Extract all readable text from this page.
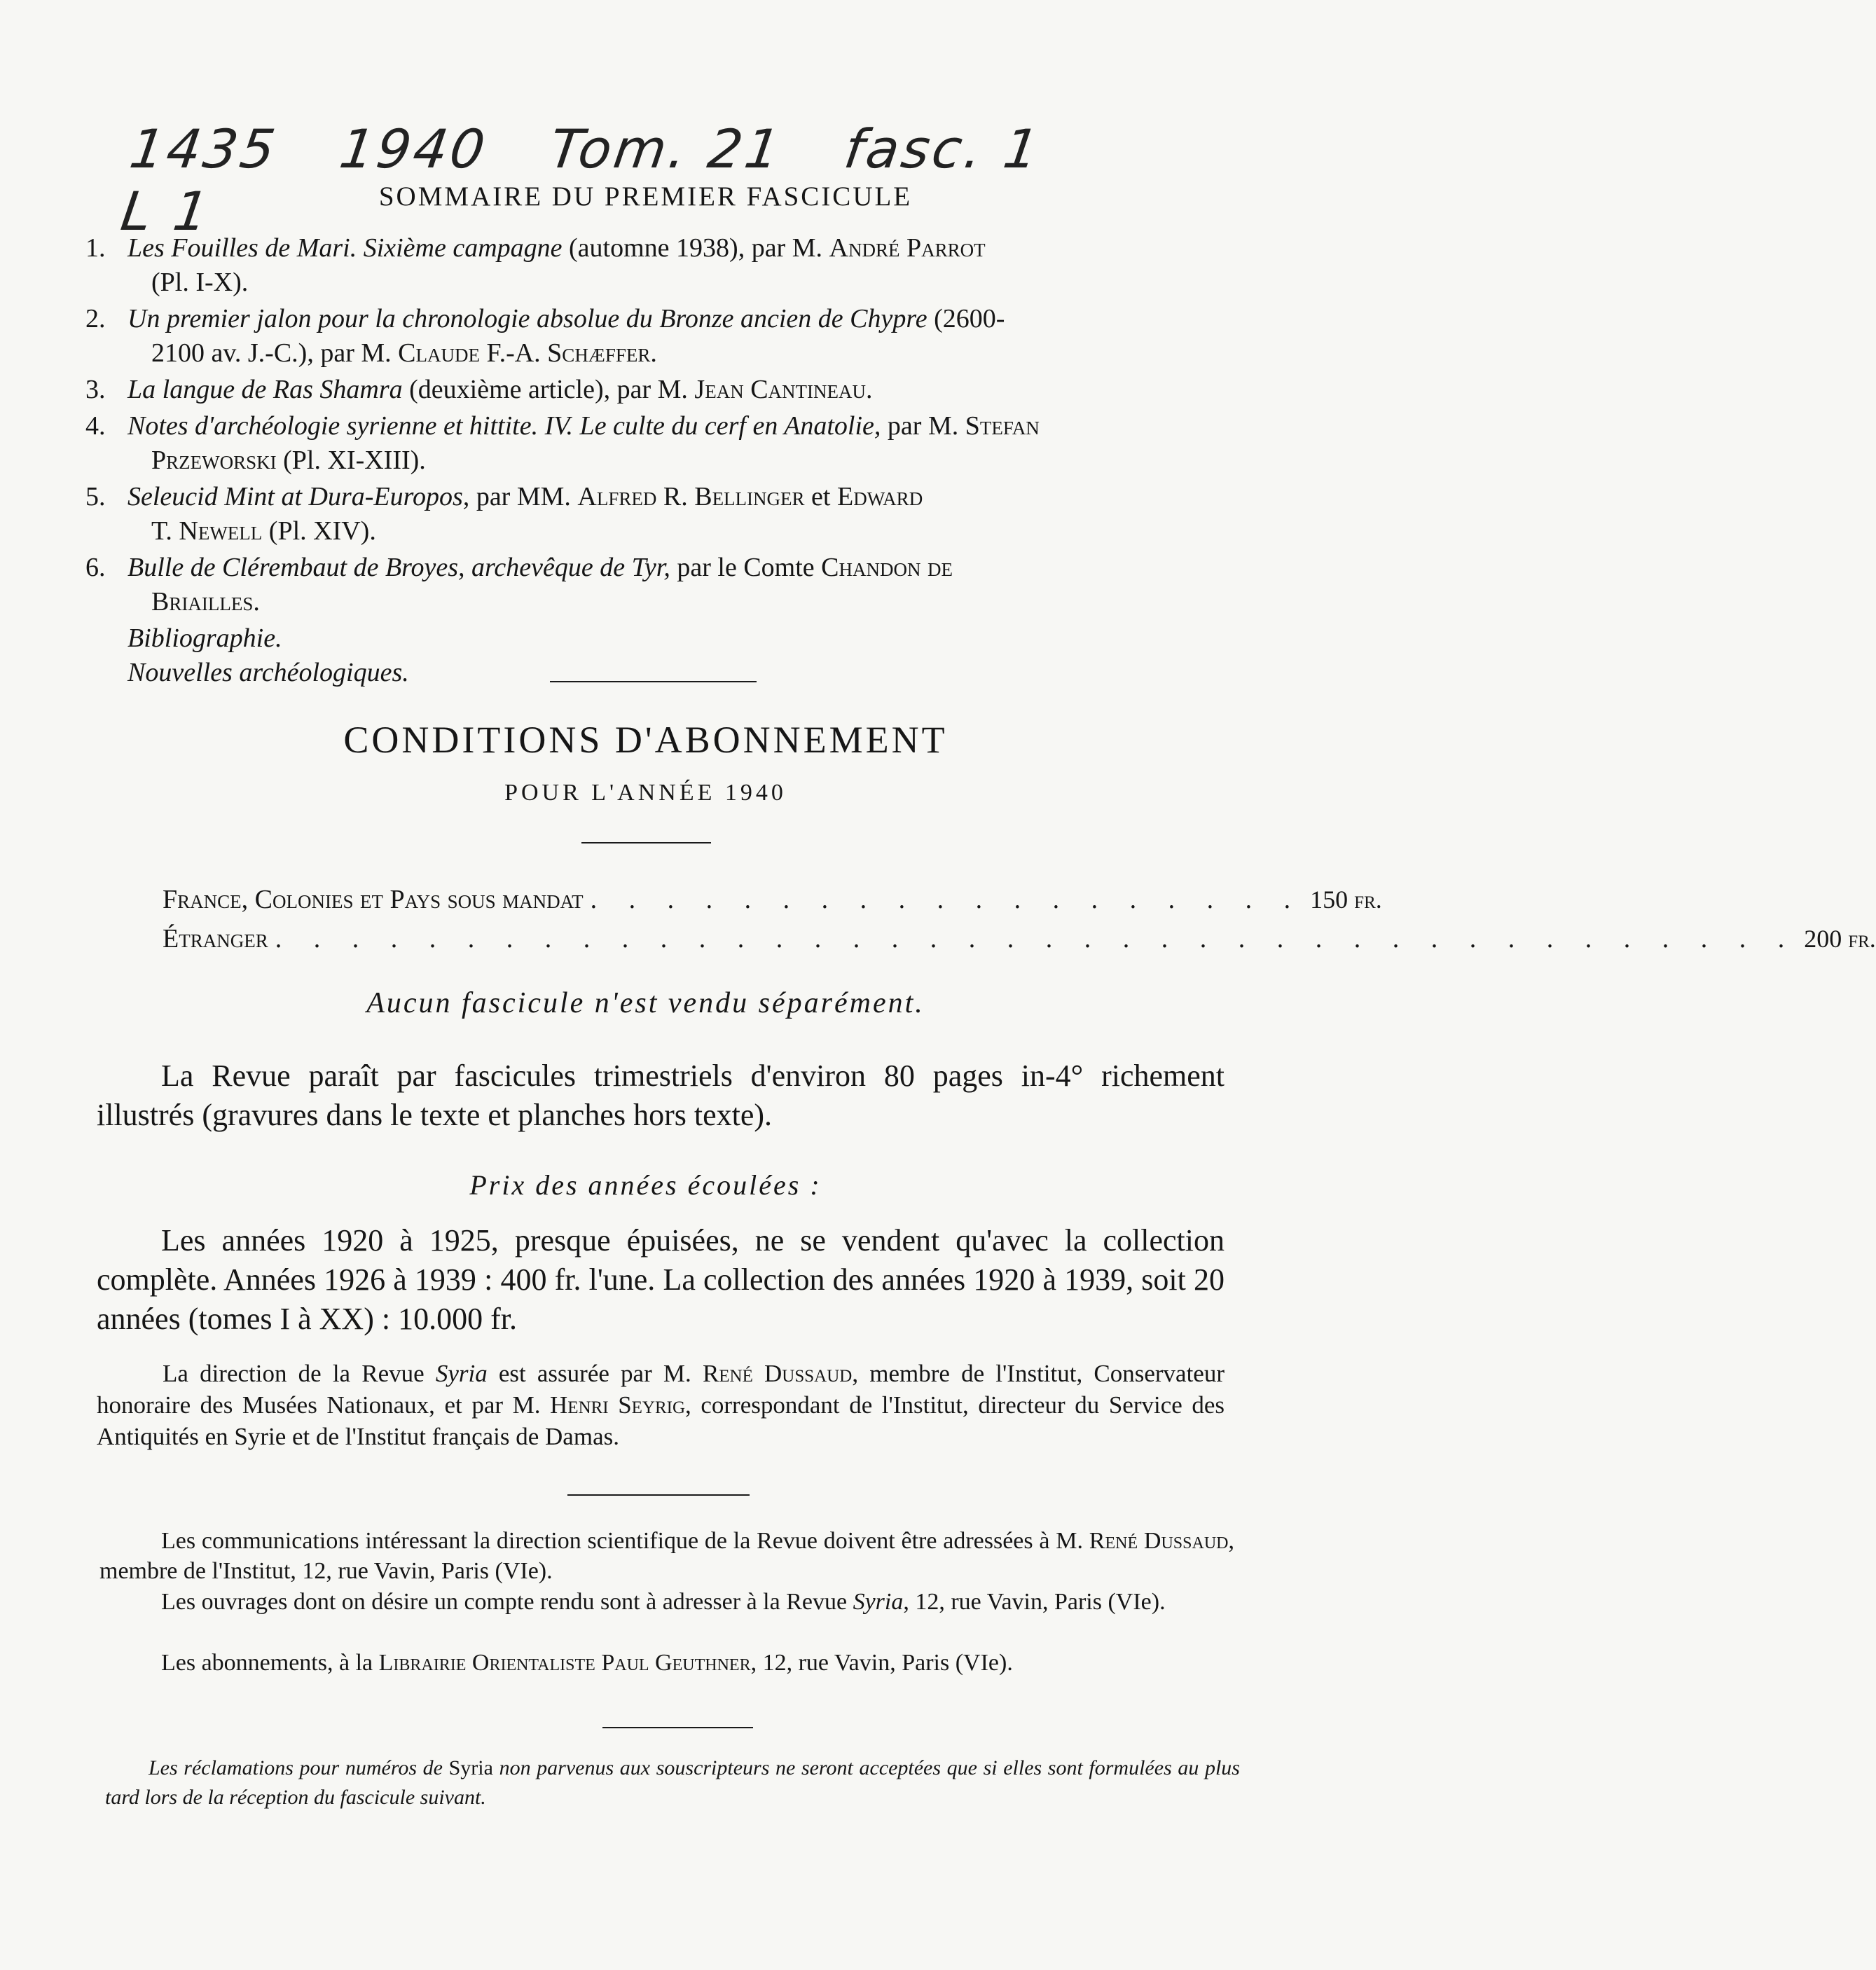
1435 1940 Tom. 21 fasc. 1 L 1	SOMMAIRE DU PREMIER FASCICULE
1. Les Fouilles de Mari. Sixième campagne (automne 1938), par M. André Parrot
(Pl. I-X).
2. Un premier jalon pour la chronologie absolue du Bronze ancien de Chypre (2600-
2100 av. J.-C.), par M. Claude F.-A. Schæffer.
3. La langue de Ras Shamra (deuxième article), par M. Jean Cantineau.
4. Notes d'archéologie syrienne et hittite. IV. Le culte du cerf en Anatolie, par M. Stefan
Przeworski (Pl. XI-XIII).
5. Seleucid Mint at Dura-Europos, par MM. Alfred R. Bellinger et Edward
T. Newell (Pl. XIV).
6. Bulle de Clérembaut de Broyes, archevêque de Tyr, par le Comte Chandon de
Briailles.
Bibliographie.
Nouvelles archéologiques.
CONDITIONS D'ABONNEMENT
POUR L'ANNÉE 1940
France, Colonies et Pays sous mandat . . . . . . . . . . . . . . . . . . . 150 fr.
Étranger . . . . . . . . . . . . . . . . . . . . . . . . . . . . . . . . . . . . . . . . 200 fr.
Aucun fascicule n'est vendu séparément.
La Revue paraît par fascicules trimestriels d'environ 80 pages in-4° richement illustrés (gravures dans le texte et planches hors texte).
Prix des années écoulées :
Les années 1920 à 1925, presque épuisées, ne se vendent qu'avec la collection complète. Années 1926 à 1939 : 400 fr. l'une. La collection des années 1920 à 1939, soit 20 années (tomes I à XX) : 10.000 fr.
La direction de la Revue Syria est assurée par M. René Dussaud, membre de l'Institut, Conservateur honoraire des Musées Nationaux, et par M. Henri Seyrig, correspondant de l'Institut, directeur du Service des Antiquités en Syrie et de l'Institut français de Damas.
Les communications intéressant la direction scientifique de la Revue doivent être adressées à M. René Dussaud, membre de l'Institut, 12, rue Vavin, Paris (VIe).
Les ouvrages dont on désire un compte rendu sont à adresser à la Revue Syria, 12, rue Vavin, Paris (VIe).
Les abonnements, à la Librairie Orientaliste Paul Geuthner, 12, rue Vavin, Paris (VIe).
Les réclamations pour numéros de Syria non parvenus aux souscripteurs ne seront acceptées que si elles sont formulées au plus tard lors de la réception du fascicule suivant.
